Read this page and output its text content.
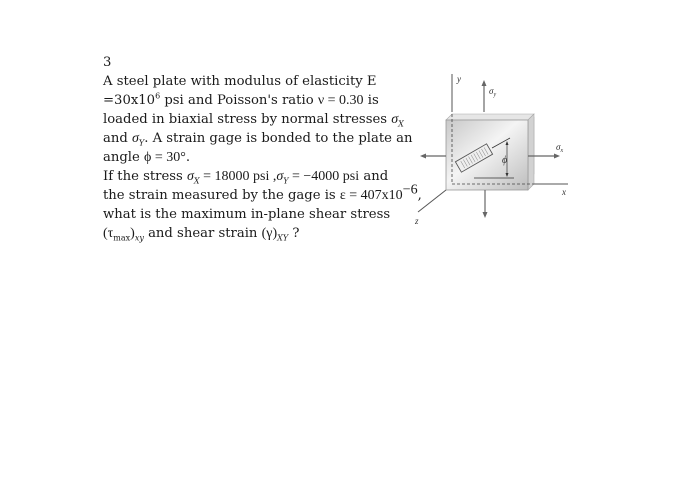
3
A steel plate with modulus of elasticity E
$=30x10^6$ psi and Poisson's ratio ν = 0.30 is
loaded in biaxial stress by normal stresses $\sigma_X$
and $\sigma_Y$. A strain gage is bonded to the plate an
angle ϕ = 30°.
If the stress $\sigma_X = 18000$ psi $,\sigma_Y = -4000$ psi and
the strain measured by the gage is $\varepsilon = 407x10^{-6}$,
what is the maximum in-plane shear stress
$(\tau_{max})_{xy}$ and shear strain $(\gamma)_{XY}$ ?
y
$\sigma_y$
ϕ
$\sigma_x$
x
z
